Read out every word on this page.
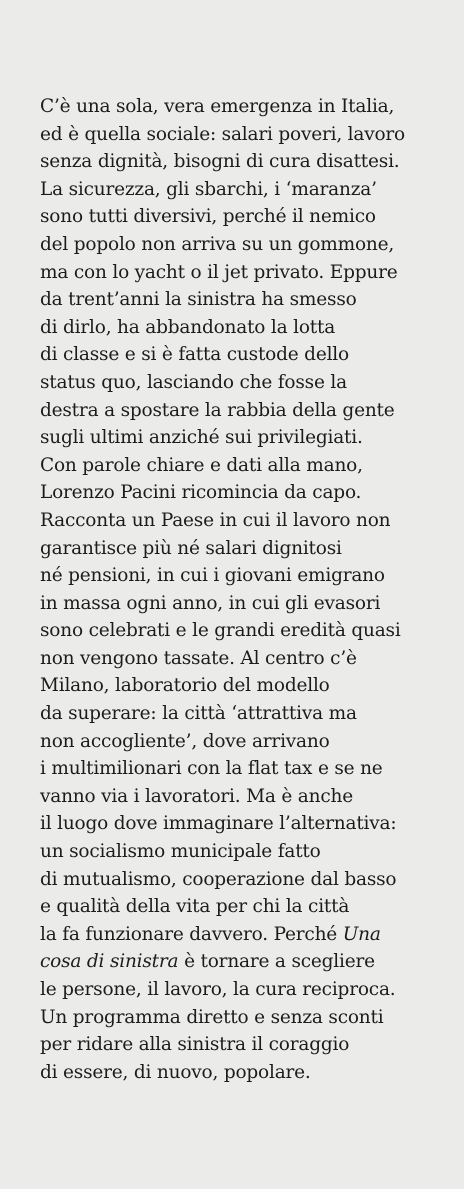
C’è una sola, vera emergenza in Italia,
ed è quella sociale: salari poveri, lavoro
senza dignità, bisogni di cura disattesi.
La sicurezza, gli sbarchi, i ‘maranza’
sono tutti diversivi, perché il nemico
del popolo non arriva su un gommone,
ma con lo yacht o il jet privato. Eppure
da trent’anni la sinistra ha smesso
di dirlo, ha abbandonato la lotta
di classe e si è fatta custode dello
status quo, lasciando che fosse la
destra a spostare la rabbia della gente
sugli ultimi anziché sui privilegiati.
Con parole chiare e dati alla mano,
Lorenzo Pacini ricomincia da capo.
Racconta un Paese in cui il lavoro non
garantisce più né salari dignitosi
né pensioni, in cui i giovani emigrano
in massa ogni anno, in cui gli evasori
sono celebrati e le grandi eredità quasi
non vengono tassate. Al centro c’è
Milano, laboratorio del modello
da superare: la città ‘attrattiva ma
non accogliente’, dove arrivano
i multimilionari con la flat tax e se ne
vanno via i lavoratori. Ma è anche
il luogo dove immaginare l’alternativa:
un socialismo municipale fatto
di mutualismo, cooperazione dal basso
e qualità della vita per chi la città
la fa funzionare davvero. Perché Una
cosa di sinistra è tornare a scegliere
le persone, il lavoro, la cura reciproca.
Un programma diretto e senza sconti
per ridare alla sinistra il coraggio
di essere, di nuovo, popolare.
